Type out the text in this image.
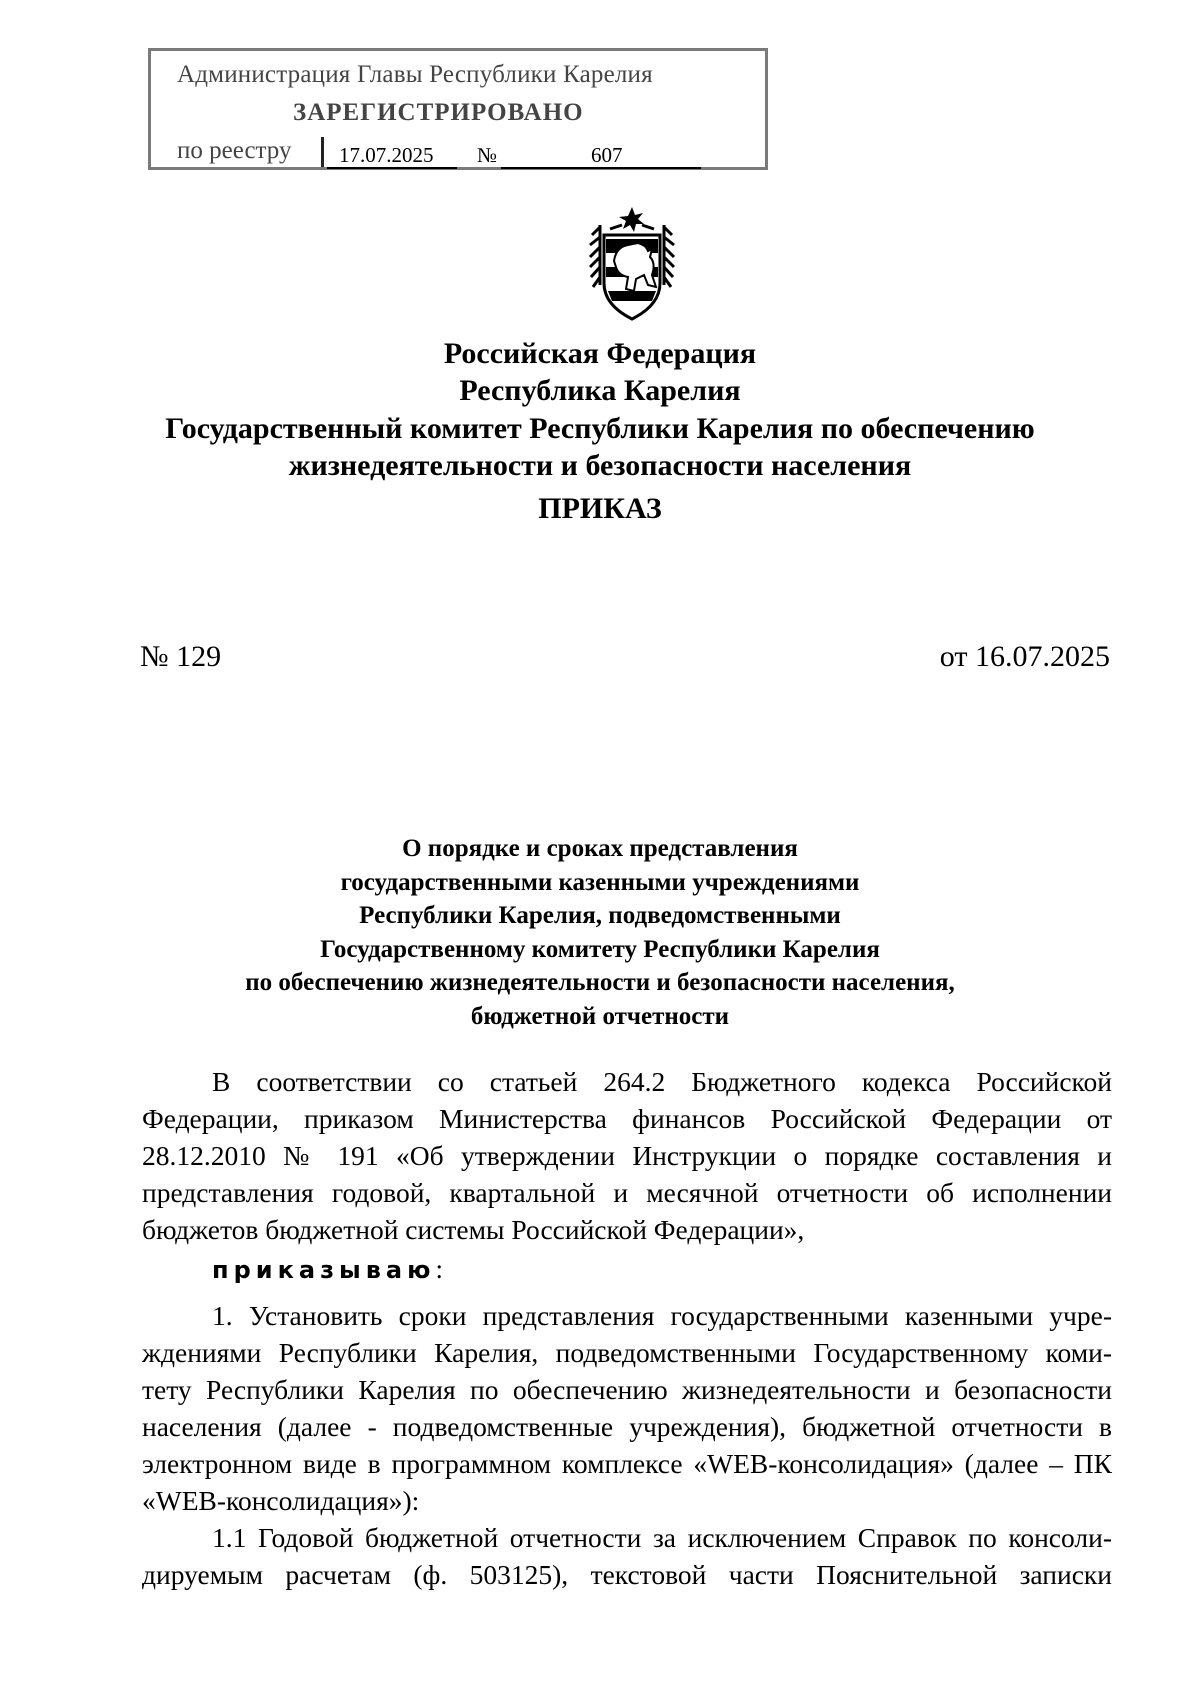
Администрация Главы Республики Карелия
ЗАРЕГИСТРИРОВАНО
по реестру 17.07.2025 №	607
Российская Федерация
Республика Карелия
Государственный комитет Республики Карелия по обеспечению
жизнедеятельности и безопасности населения
ПРИКАЗ
№ 129	от 16.07.2025
О порядке и сроках представления
государственными казенными учреждениями
Республики Карелия, подведомственными
Государственному комитету Республики Карелия
по обеспечению жизнедеятельности и безопасности населения,
бюджетной отчетности
В соответствии со статьей 264.2 Бюджетного кодекса Российской
Федерации, приказом Министерства финансов Российской Федерации от
28.12.2010 № 191 «Об утверждении Инструкции о порядке составления и
представления годовой, квартальной и месячной отчетности об исполнении
бюджетов бюджетной системы Российской Федерации»,
приказываю:
1. Установить сроки представления государственными казенными учре-
ждениями Республики Карелия, подведомственными Государственному коми-
тету Республики Карелия по обеспечению жизнедеятельности и безопасности
населения (далее - подведомственные учреждения), бюджетной отчетности в
электронном виде в программном комплексе «WEB-консолидация» (далее – ПК
«WEB-консолидация»):
1.1 Годовой бюджетной отчетности за исключением Справок по консоли-
дируемым расчетам (ф. 503125), текстовой части Пояснительной записки
